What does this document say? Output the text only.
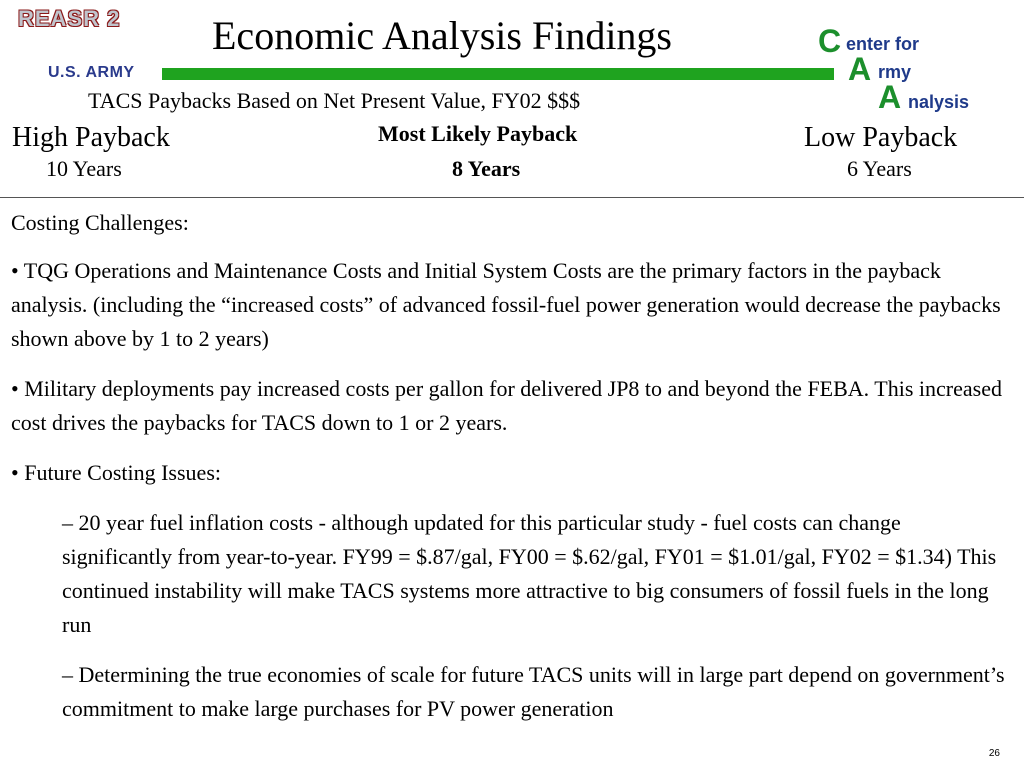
REASR 2
U.S. ARMY
Economic Analysis Findings	C enter for
A rmy
A nalysis
TACS Paybacks Based on Net Present Value, FY02 $$$
High Payback
10 Years
Most Likely Payback
8 Years
Low Payback
6 Years

Costing Challenges:

• TQG Operations and Maintenance Costs and Initial System Costs are the primary factors in the payback analysis. (including the “increased costs” of advanced fossil-fuel power generation would decrease the paybacks shown above by 1 to 2 years)

• Military deployments pay increased costs per gallon for delivered JP8 to and beyond the FEBA. This increased cost drives the paybacks for TACS down to 1 or 2 years.

• Future Costing Issues:

– 20 year fuel inflation costs - although updated for this particular study - fuel costs can change significantly from year-to-year. FY99 = $.87/gal, FY00 = $.62/gal, FY01 = $1.01/gal, FY02 = $1.34) This continued instability will make TACS systems more attractive to big consumers of fossil fuels in the long run

– Determining the true economies of scale for future TACS units will in large part depend on government’s commitment to make large purchases for PV power generation

26
